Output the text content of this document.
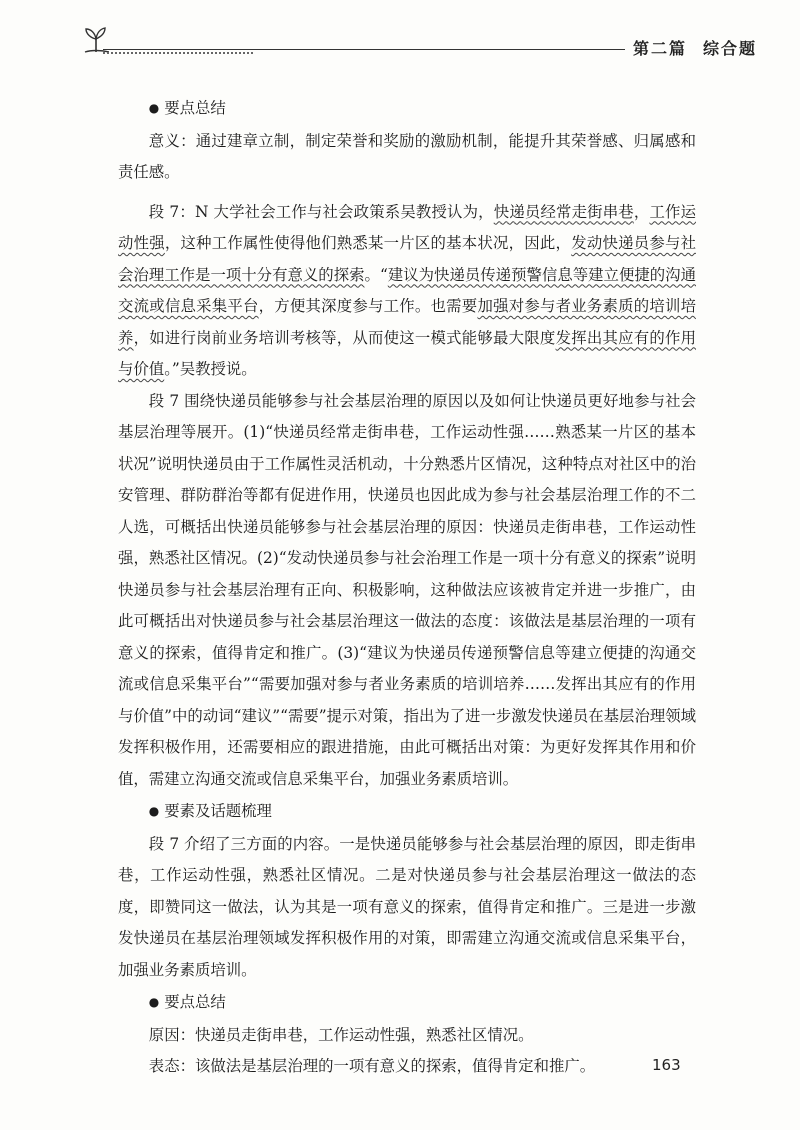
第二篇 综合题

● 要点总结

意义：通过建章立制，制定荣誉和奖励的激励机制，能提升其荣誉感、归属感和责任感。

段 7：N 大学社会工作与社会政策系吴教授认为，快递员经常走街串巷，工作运动性强，这种工作属性使得他们熟悉某一片区的基本状况，因此，发动快递员参与社会治理工作是一项十分有意义的探索。“建议为快递员传递预警信息等建立便捷的沟通交流或信息采集平台，方便其深度参与工作。也需要加强对参与者业务素质的培训培养，如进行岗前业务培训考核等，从而使这一模式能够最大限度发挥出其应有的作用与价值。”吴教授说。

段 7 围绕快递员能够参与社会基层治理的原因以及如何让快递员更好地参与社会基层治理等展开。(1)“快递员经常走街串巷，工作运动性强……熟悉某一片区的基本状况”说明快递员由于工作属性灵活机动，十分熟悉片区情况，这种特点对社区中的治安管理、群防群治等都有促进作用，快递员也因此成为参与社会基层治理工作的不二人选，可概括出快递员能够参与社会基层治理的原因：快递员走街串巷，工作运动性强，熟悉社区情况。(2)“发动快递员参与社会治理工作是一项十分有意义的探索”说明快递员参与社会基层治理有正向、积极影响，这种做法应该被肯定并进一步推广，由此可概括出对快递员参与社会基层治理这一做法的态度：该做法是基层治理的一项有意义的探索，值得肯定和推广。(3)“建议为快递员传递预警信息等建立便捷的沟通交流或信息采集平台”“需要加强对参与者业务素质的培训培养……发挥出其应有的作用与价值”中的动词“建议”“需要”提示对策，指出为了进一步激发快递员在基层治理领域发挥积极作用，还需要相应的跟进措施，由此可概括出对策：为更好发挥其作用和价值，需建立沟通交流或信息采集平台，加强业务素质培训。

● 要素及话题梳理

段 7 介绍了三方面的内容。一是快递员能够参与社会基层治理的原因，即走街串巷，工作运动性强，熟悉社区情况。二是对快递员参与社会基层治理这一做法的态度，即赞同这一做法，认为其是一项有意义的探索，值得肯定和推广。三是进一步激发快递员在基层治理领域发挥积极作用的对策，即需建立沟通交流或信息采集平台，加强业务素质培训。

● 要点总结

原因：快递员走街串巷，工作运动性强，熟悉社区情况。

表态：该做法是基层治理的一项有意义的探索，值得肯定和推广。	163
